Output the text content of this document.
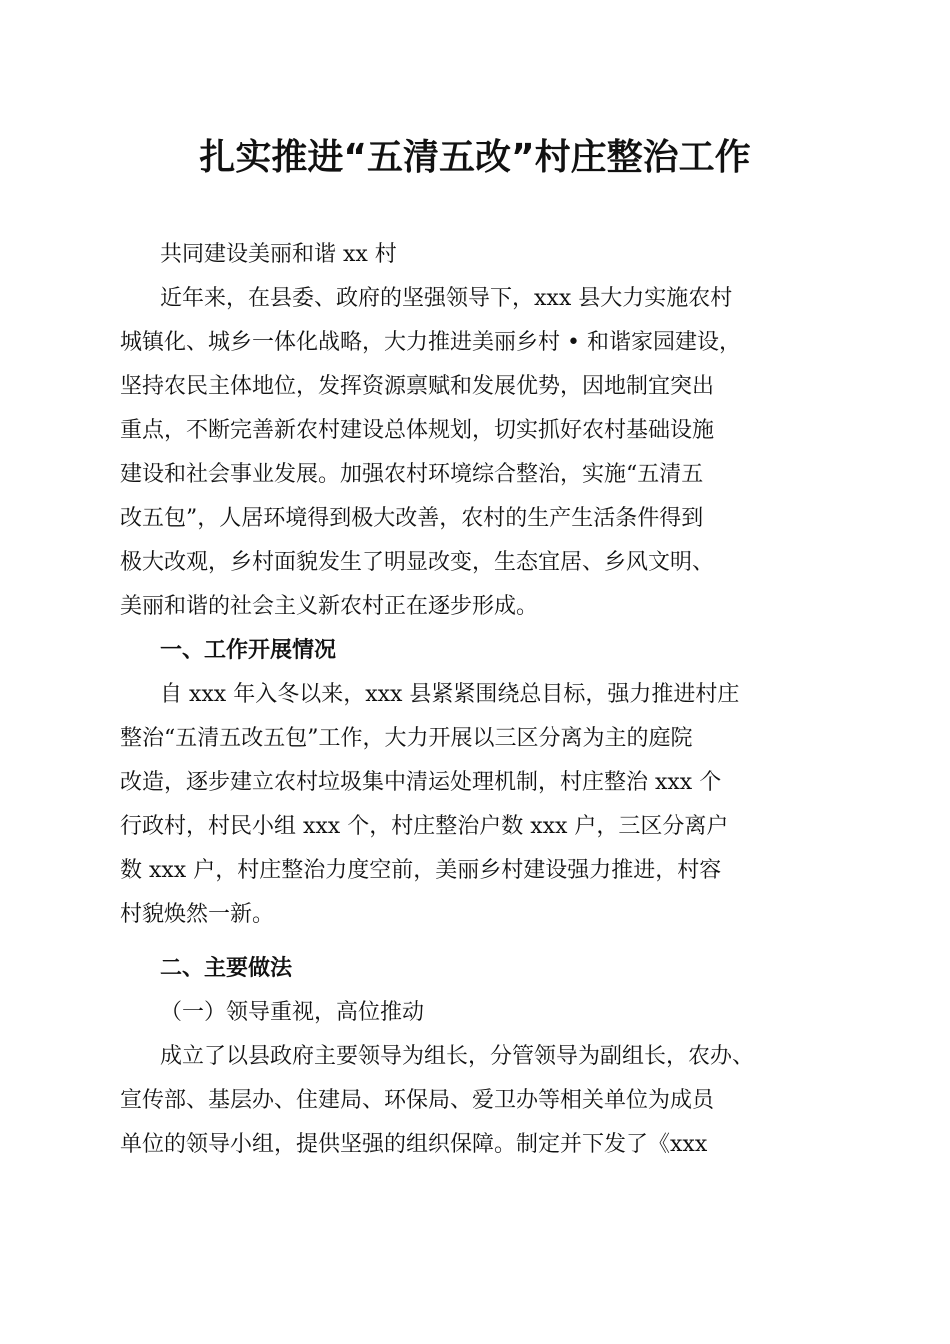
扎实推进“五清五改”村庄整治工作

共同建设美丽和谐 xx 村

近年来，在县委、政府的坚强领导下，xxx 县大力实施农村

城镇化、城乡一体化战略，大力推进美丽乡村 • 和谐家园建设，

坚持农民主体地位，发挥资源禀赋和发展优势，因地制宜突出

重点，不断完善新农村建设总体规划，切实抓好农村基础设施

建设和社会事业发展。加强农村环境综合整治，实施“五清五

改五包”，人居环境得到极大改善，农村的生产生活条件得到

极大改观，乡村面貌发生了明显改变，生态宜居、乡风文明、

美丽和谐的社会主义新农村正在逐步形成。

一、工作开展情况

自 xxx 年入冬以来，xxx 县紧紧围绕总目标，强力推进村庄

整治“五清五改五包”工作，大力开展以三区分离为主的庭院

改造，逐步建立农村垃圾集中清运处理机制，村庄整治 xxx 个

行政村，村民小组 xxx 个，村庄整治户数 xxx 户，三区分离户

数 xxx 户，村庄整治力度空前，美丽乡村建设强力推进，村容

村貌焕然一新。

二、主要做法

（一）领导重视，高位推动

成立了以县政府主要领导为组长，分管领导为副组长，农办、

宣传部、基层办、住建局、环保局、爱卫办等相关单位为成员

单位的领导小组，提供坚强的组织保障。制定并下发了《xxx
